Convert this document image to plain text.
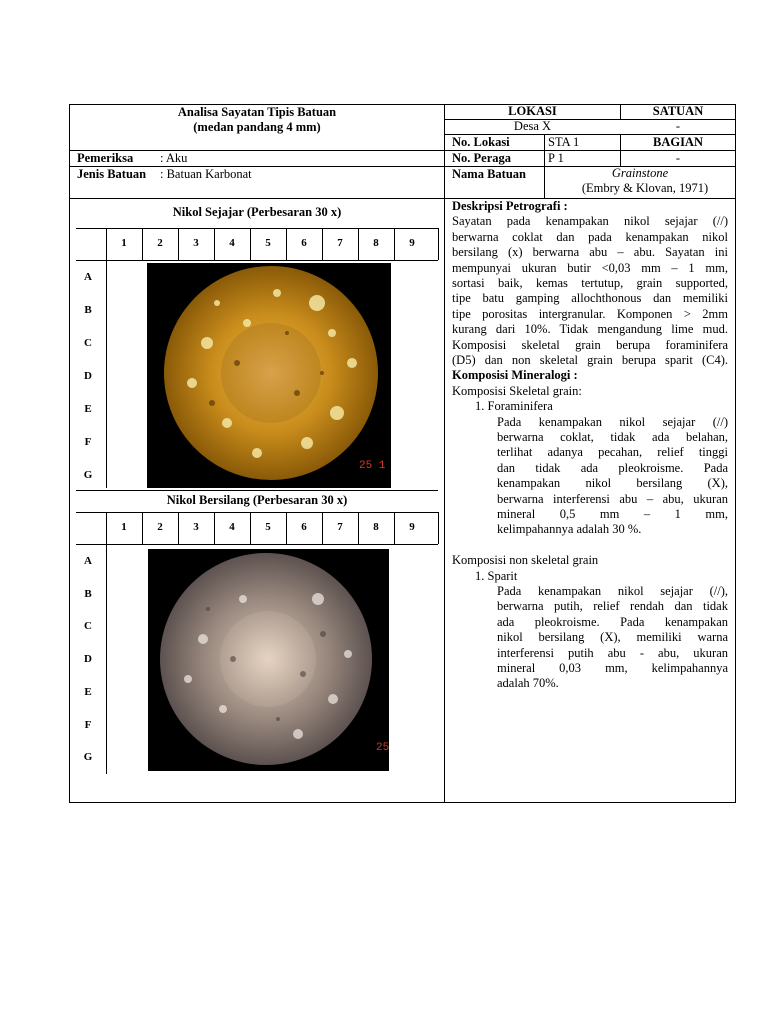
Analisa Sayatan Tipis Batuan
(medan pandang 4 mm)
LOKASI	SATUAN
Desa X	-
No. Lokasi	STA 1	BAGIAN
Pemeriksa : Aku	No. Peraga	P 1	-
Jenis Batuan : Batuan Karbonat	Nama Batuan	Grainstone
(Embry & Klovan, 1971)
Nikol Sejajar (Perbesaran 30 x)
1	2	3	4	5	6	7	8	9
A
B
C
D
E
F
G
25 1
Nikol Bersilang (Perbesaran 30 x)
1	2	3	4	5	6	7	8	9
A
B
C
D
E
F
G
25
Deskripsi Petrografi :
Sayatan pada kenampakan nikol sejajar (//)
berwarna coklat dan pada kenampakan nikol
bersilang (x) berwarna abu – abu. Sayatan ini
mempunyai ukuran butir <0,03 mm – 1 mm,
sortasi baik, kemas tertutup, grain supported,
tipe batu gamping allochthonous dan memiliki
tipe porositas intergranular. Komponen > 2mm
kurang dari 10%. Tidak mengandung lime mud.
Komposisi skeletal grain berupa foraminifera
(D5) dan non skeletal grain berupa sparit (C4).
Komposisi Mineralogi :
Komposisi Skeletal grain:
1. Foraminifera
Pada kenampakan nikol sejajar (//)
berwarna coklat, tidak ada belahan,
terlihat adanya pecahan, relief tinggi
dan tidak ada pleokroisme. Pada
kenampakan nikol bersilang (X),
berwarna interferensi abu – abu, ukuran
mineral 0,5 mm – 1 mm,
kelimpahannya adalah 30 %.
Komposisi non skeletal grain
1. Sparit
Pada kenampakan nikol sejajar (//),
berwarna putih, relief rendah dan tidak
ada pleokroisme. Pada kenampakan
nikol bersilang (X), memiliki warna
interferensi putih abu - abu, ukuran
mineral 0,03 mm, kelimpahannya
adalah 70%.
